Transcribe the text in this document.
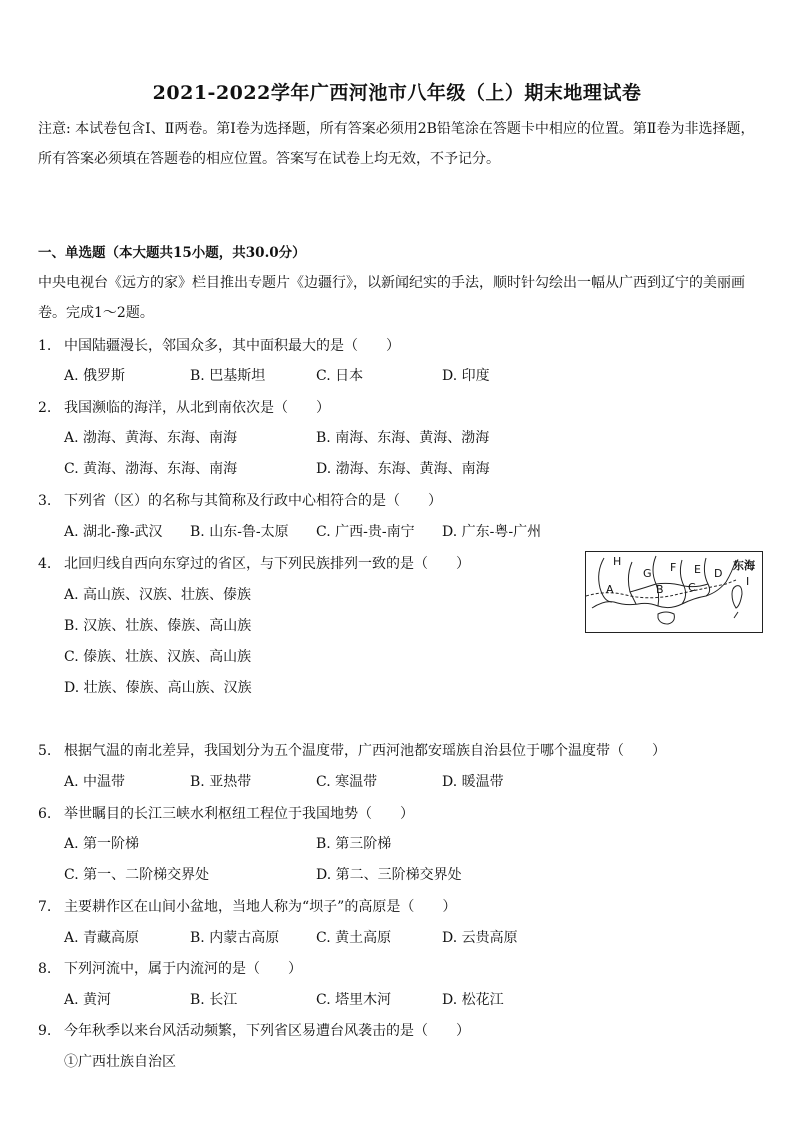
2021-2022学年广西河池市八年级（上）期末地理试卷
注意: 本试卷包含Ⅰ、Ⅱ两卷。第Ⅰ卷为选择题，所有答案必须用2B铅笔涂在答题卡中相应的位置。第Ⅱ卷为非选择题，所有答案必须填在答题卷的相应位置。答案写在试卷上均无效，不予记分。
一、单选题（本大题共15小题，共30.0分）
中央电视台《远方的家》栏目推出专题片《边疆行》，以新闻纪实的手法，顺时针勾绘出一幅从广西到辽宁的美丽画卷。完成1～2题。
1. 中国陆疆漫长，邻国众多，其中面积最大的是（　　）
A. 俄罗斯	B. 巴基斯坦	C. 日本	D. 印度
2. 我国濒临的海洋，从北到南依次是（　　）
A. 渤海、黄海、东海、南海	B. 南海、东海、黄海、渤海
C. 黄海、渤海、东海、南海	D. 渤海、东海、黄海、南海
3. 下列省（区）的名称与其简称及行政中心相符合的是（　　）
A. 湖北-豫-武汉 B. 山东-鲁-太原 C. 广西-贵-南宁 D. 广东-粤-广州
4. 北回归线自西向东穿过的省区，与下列民族排列一致的是（　　）
A. 高山族、汉族、壮族、傣族
B. 汉族、壮族、傣族、高山族
C. 傣族、壮族、汉族、高山族
D. 壮族、傣族、高山族、汉族
H
G F E D
A	B C
东海
I
5. 根据气温的南北差异，我国划分为五个温度带，广西河池都安瑶族自治县位于哪个温度带（　　）
A. 中温带	B. 亚热带	C. 寒温带	D. 暖温带
6. 举世瞩目的长江三峡水利枢纽工程位于我国地势（　　）
A. 第一阶梯	B. 第三阶梯
C. 第一、二阶梯交界处	D. 第二、三阶梯交界处
7. 主要耕作区在山间小盆地，当地人称为“坝子”的高原是（　　）
A. 青藏高原	B. 内蒙古高原	C. 黄土高原	D. 云贵高原
8. 下列河流中，属于内流河的是（　　）
A. 黄河	B. 长江	C. 塔里木河	D. 松花江
9. 今年秋季以来台风活动频繁，下列省区易遭台风袭击的是（　　）
①广西壮族自治区
